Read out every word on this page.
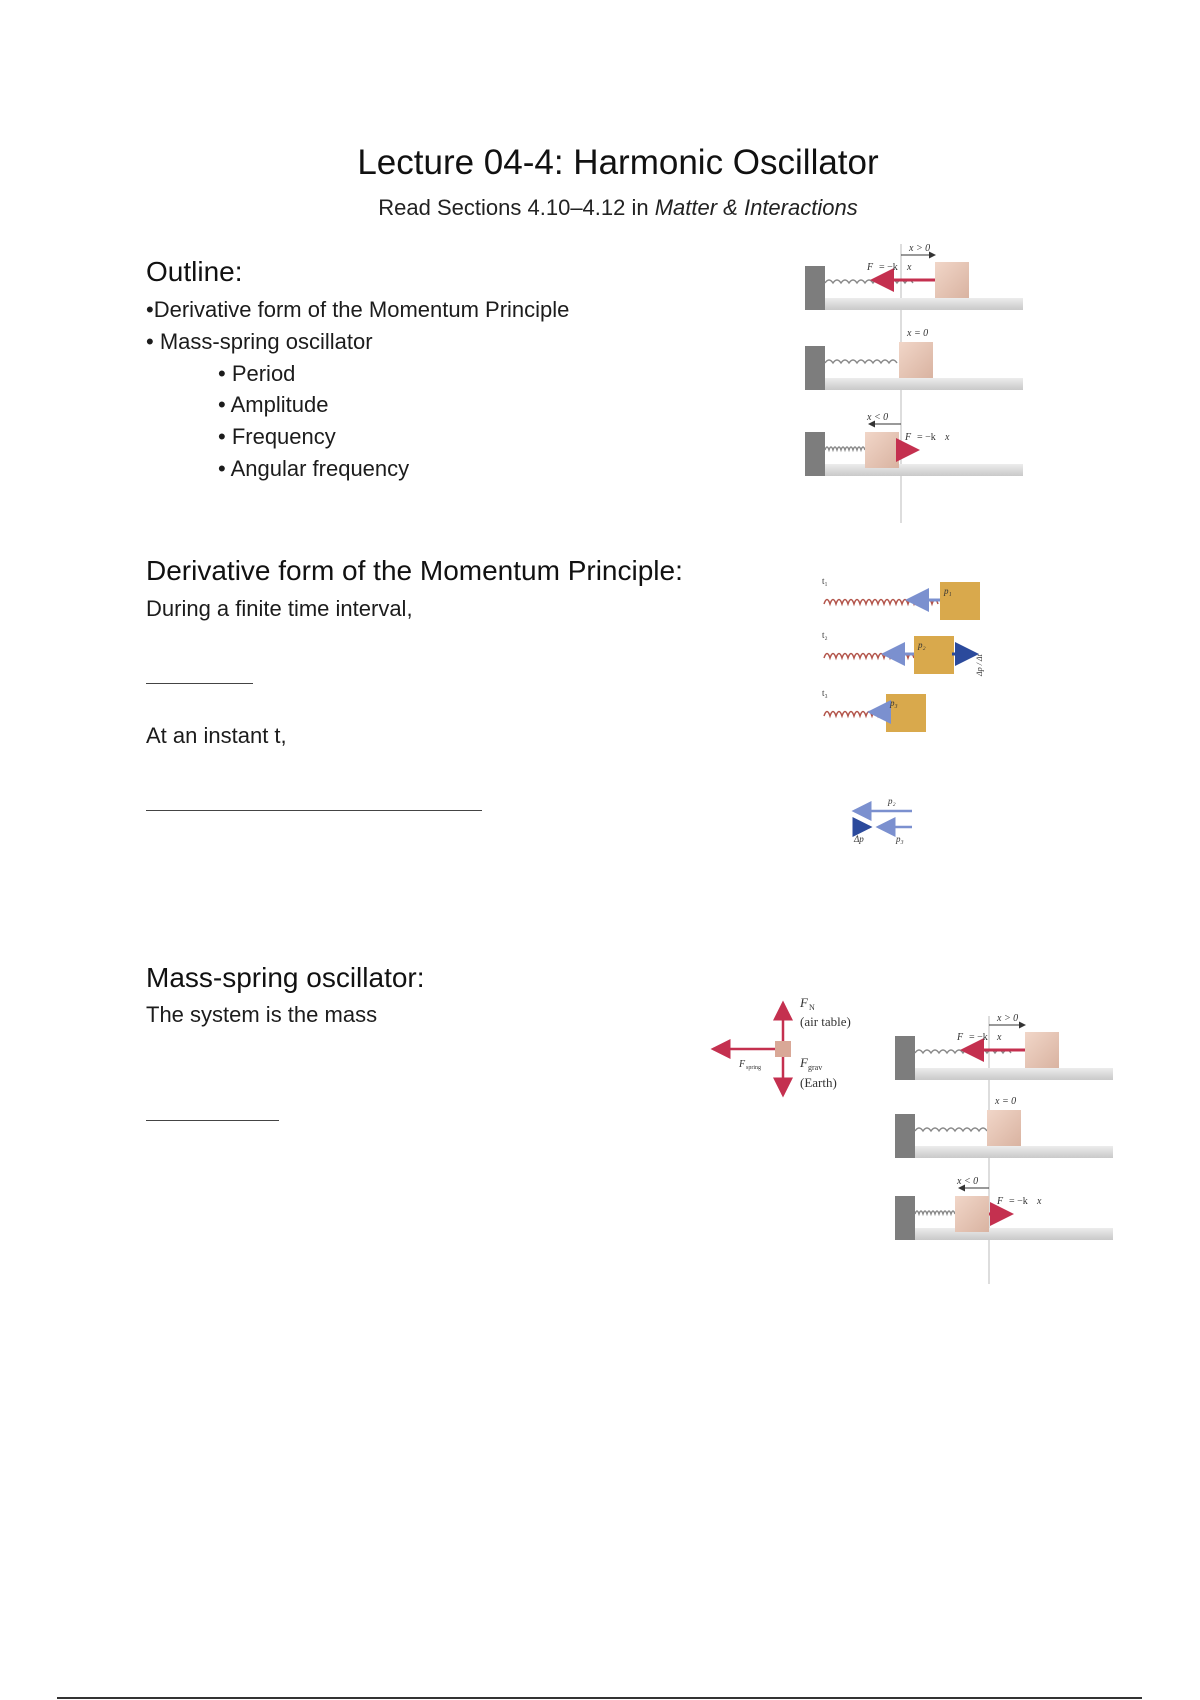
Lecture 04-4: Harmonic Oscillator
Read Sections 4.10–4.12 in Matter & Interactions
Outline:
•Derivative form of the Momentum Principle
• Mass-spring oscillator
• Period
• Amplitude
• Frequency
• Angular frequency
Derivative form of the Momentum Principle:
During a finite time interval,
At an instant t,
Mass-spring oscillator:
The system is the mass
x > 0
F = −k x
x = 0
x < 0
F = −k x
t₁
p₁
t₂
p₂
Δp / Δt
t₃
p₃
p₂
Δp	p₃
F N
(air table)
F spring	F grav
(Earth)
x > 0
F = −k x
x = 0
x < 0
F = −k x
